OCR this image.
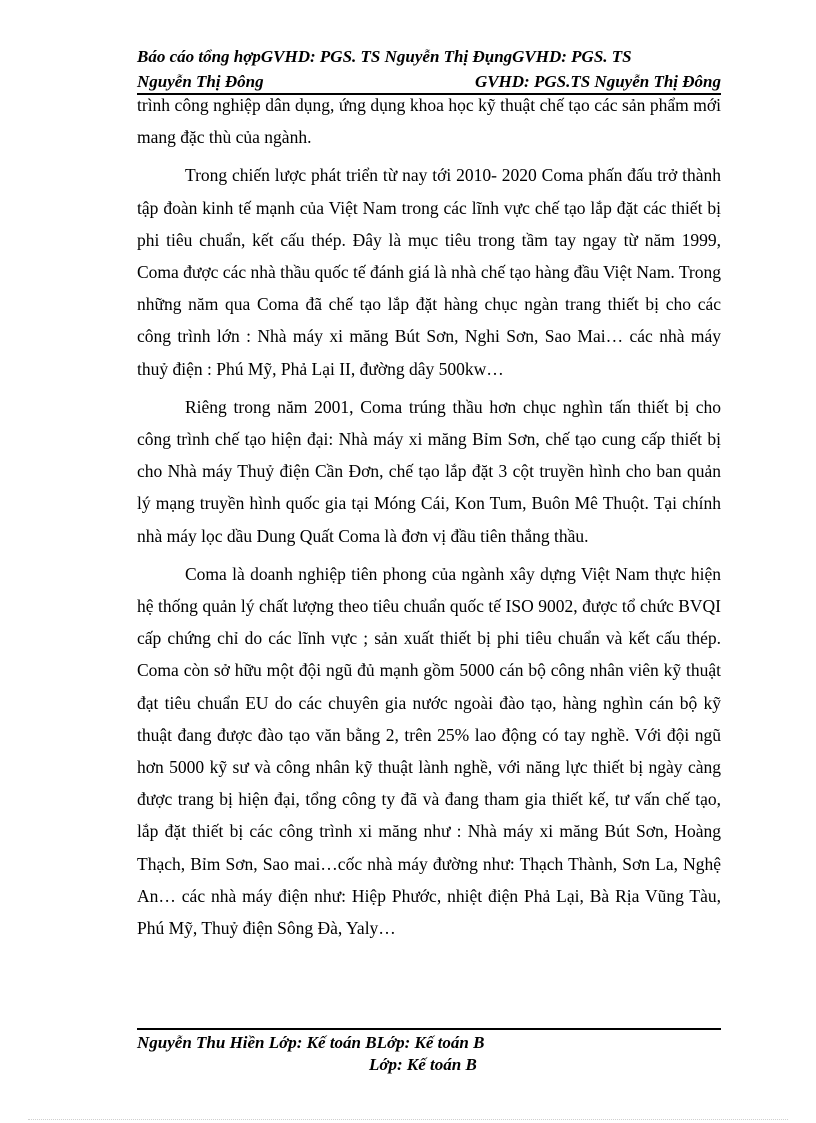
Báo cáo tổng hợpGVHD: PGS. TS Nguyễn Thị ĐụngGVHD: PGS. TS
Nguyễn Thị Đông	GVHD: PGS.TS Nguyễn Thị Đông

trình công nghiệp dân dụng, ứng dụng khoa học kỹ thuật chế tạo các sản phẩm mới mang đặc thù của ngành.

Trong chiến lược phát triển từ nay tới 2010- 2020 Coma phấn đấu trở thành tập đoàn kinh tế mạnh của Việt Nam trong các lĩnh vực chế tạo lắp đặt các thiết bị phi tiêu chuẩn, kết cấu thép. Đây là mục tiêu trong tầm tay ngay từ năm 1999, Coma được các nhà thầu quốc tế đánh giá là nhà chế tạo hàng đầu Việt Nam. Trong những năm qua Coma đã chế tạo lắp đặt hàng chục ngàn trang thiết bị cho các công trình lớn : Nhà máy xi măng Bút Sơn, Nghi Sơn, Sao Mai… các nhà máy thuỷ điện : Phú Mỹ, Phả Lại II, đường dây 500kw…

Riêng trong năm 2001, Coma trúng thầu hơn chục nghìn tấn thiết bị cho công trình chế tạo hiện đại: Nhà máy xi măng Bỉm Sơn, chế tạo cung cấp thiết bị cho Nhà máy Thuỷ điện Cần Đơn, chế tạo lắp đặt 3 cột truyền hình cho ban quản lý mạng truyền hình quốc gia tại Móng Cái, Kon Tum, Buôn Mê Thuột. Tại chính nhà máy lọc dầu Dung Quất Coma là đơn vị đầu tiên thắng thầu.

Coma là doanh nghiệp tiên phong của ngành xây dựng Việt Nam thực hiện hệ thống quản lý chất lượng theo tiêu chuẩn quốc tế ISO 9002, được tổ chức BVQI cấp chứng chỉ do các lĩnh vực ; sản xuất thiết bị phi tiêu chuẩn và kết cấu thép. Coma còn sở hữu một đội ngũ đủ mạnh gồm 5000 cán bộ công nhân viên kỹ thuật đạt tiêu chuẩn EU do các chuyên gia nước ngoài đào tạo, hàng nghìn cán bộ kỹ thuật đang được đào tạo văn bằng 2, trên 25% lao động có tay nghề. Với đội ngũ hơn 5000 kỹ sư và công nhân kỹ thuật lành nghề, với năng lực thiết bị ngày càng được trang bị hiện đại, tổng công ty đã và đang tham gia thiết kế, tư vấn chế tạo, lắp đặt thiết bị các công trình xi măng như : Nhà máy xi măng Bút Sơn, Hoàng Thạch, Bỉm Sơn, Sao mai…cốc nhà máy đường như: Thạch Thành, Sơn La, Nghệ An… các nhà máy điện như: Hiệp Phước, nhiệt điện Phả Lại, Bà Rịa Vũng Tàu, Phú Mỹ, Thuỷ điện Sông Đà, Yaly…

Nguyễn Thu Hiền Lớp: Kế toán BLớp: Kế toán B
Lớp: Kế toán B
